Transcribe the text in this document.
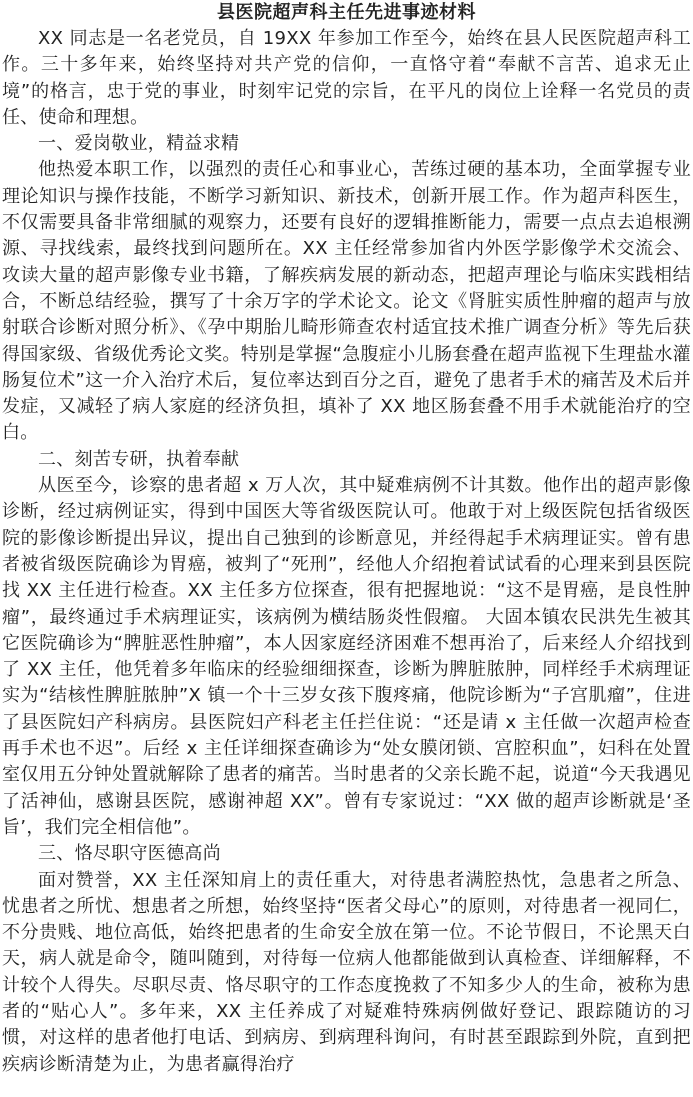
县医院超声科主任先进事迹材料

XX 同志是一名老党员，自 19XX 年参加工作至今，始终在县人民医院超声科工作。三十多年来，始终坚持对共产党的信仰，一直恪守着“奉献不言苦、追求无止境”的格言，忠于党的事业，时刻牢记党的宗旨，在平凡的岗位上诠释一名党员的责任、使命和理想。

一、爱岗敬业，精益求精

他热爱本职工作，以强烈的责任心和事业心，苦练过硬的基本功，全面掌握专业理论知识与操作技能，不断学习新知识、新技术，创新开展工作。作为超声科医生，不仅需要具备非常细腻的观察力，还要有良好的逻辑推断能力，需要一点点去追根溯源、寻找线索，最终找到问题所在。XX 主任经常参加省内外医学影像学术交流会、攻读大量的超声影像专业书籍，了解疾病发展的新动态，把超声理论与临床实践相结合，不断总结经验，撰写了十余万字的学术论文。论文《肾脏实质性肿瘤的超声与放射联合诊断对照分析》、《孕中期胎儿畸形筛查农村适宜技术推广调查分析》等先后获得国家级、省级优秀论文奖。特别是掌握“急腹症小儿肠套叠在超声监视下生理盐水灌肠复位术”这一介入治疗术后，复位率达到百分之百，避免了患者手术的痛苦及术后并发症，又减轻了病人家庭的经济负担，填补了 XX 地区肠套叠不用手术就能治疗的空白。

二、刻苦专研，执着奉献

从医至今，诊察的患者超 x 万人次，其中疑难病例不计其数。他作出的超声影像诊断，经过病例证实，得到中国医大等省级医院认可。他敢于对上级医院包括省级医院的影像诊断提出异议，提出自己独到的诊断意见，并经得起手术病理证实。曾有患者被省级医院确诊为胃癌，被判了“死刑”，经他人介绍抱着试试看的心理来到县医院找 XX 主任进行检查。XX 主任多方位探查，很有把握地说：“这不是胃癌，是良性肿瘤”，最终通过手术病理证实，该病例为横结肠炎性假瘤。 大固本镇农民洪先生被其它医院确诊为“脾脏恶性肿瘤”，本人因家庭经济困难不想再治了，后来经人介绍找到了 XX 主任，他凭着多年临床的经验细细探查，诊断为脾脏脓肿，同样经手术病理证实为“结核性脾脏脓肿”X 镇一个十三岁女孩下腹疼痛，他院诊断为“子宫肌瘤”，住进了县医院妇产科病房。县医院妇产科老主任拦住说：“还是请 x 主任做一次超声检查再手术也不迟”。后经 x 主任详细探查确诊为“处女膜闭锁、宫腔积血”，妇科在处置室仅用五分钟处置就解除了患者的痛苦。当时患者的父亲长跪不起，说道“今天我遇见了活神仙，感谢县医院，感谢神超 XX”。曾有专家说过：“XX 做的超声诊断就是‘圣旨’，我们完全相信他”。

三、恪尽职守医德高尚

面对赞誉，XX 主任深知肩上的责任重大，对待患者满腔热忱，急患者之所急、忧患者之所忧、想患者之所想，始终坚持“医者父母心”的原则，对待患者一视同仁，不分贵贱、地位高低，始终把患者的生命安全放在第一位。不论节假日，不论黑天白天，病人就是命令，随叫随到，对待每一位病人他都能做到认真检查、详细解释，不计较个人得失。尽职尽责、恪尽职守的工作态度挽救了不知多少人的生命，被称为患者的“贴心人”。多年来，XX 主任养成了对疑难特殊病例做好登记、跟踪随访的习惯，对这样的患者他打电话、到病房、到病理科询问，有时甚至跟踪到外院，直到把疾病诊断清楚为止，为患者赢得治疗
